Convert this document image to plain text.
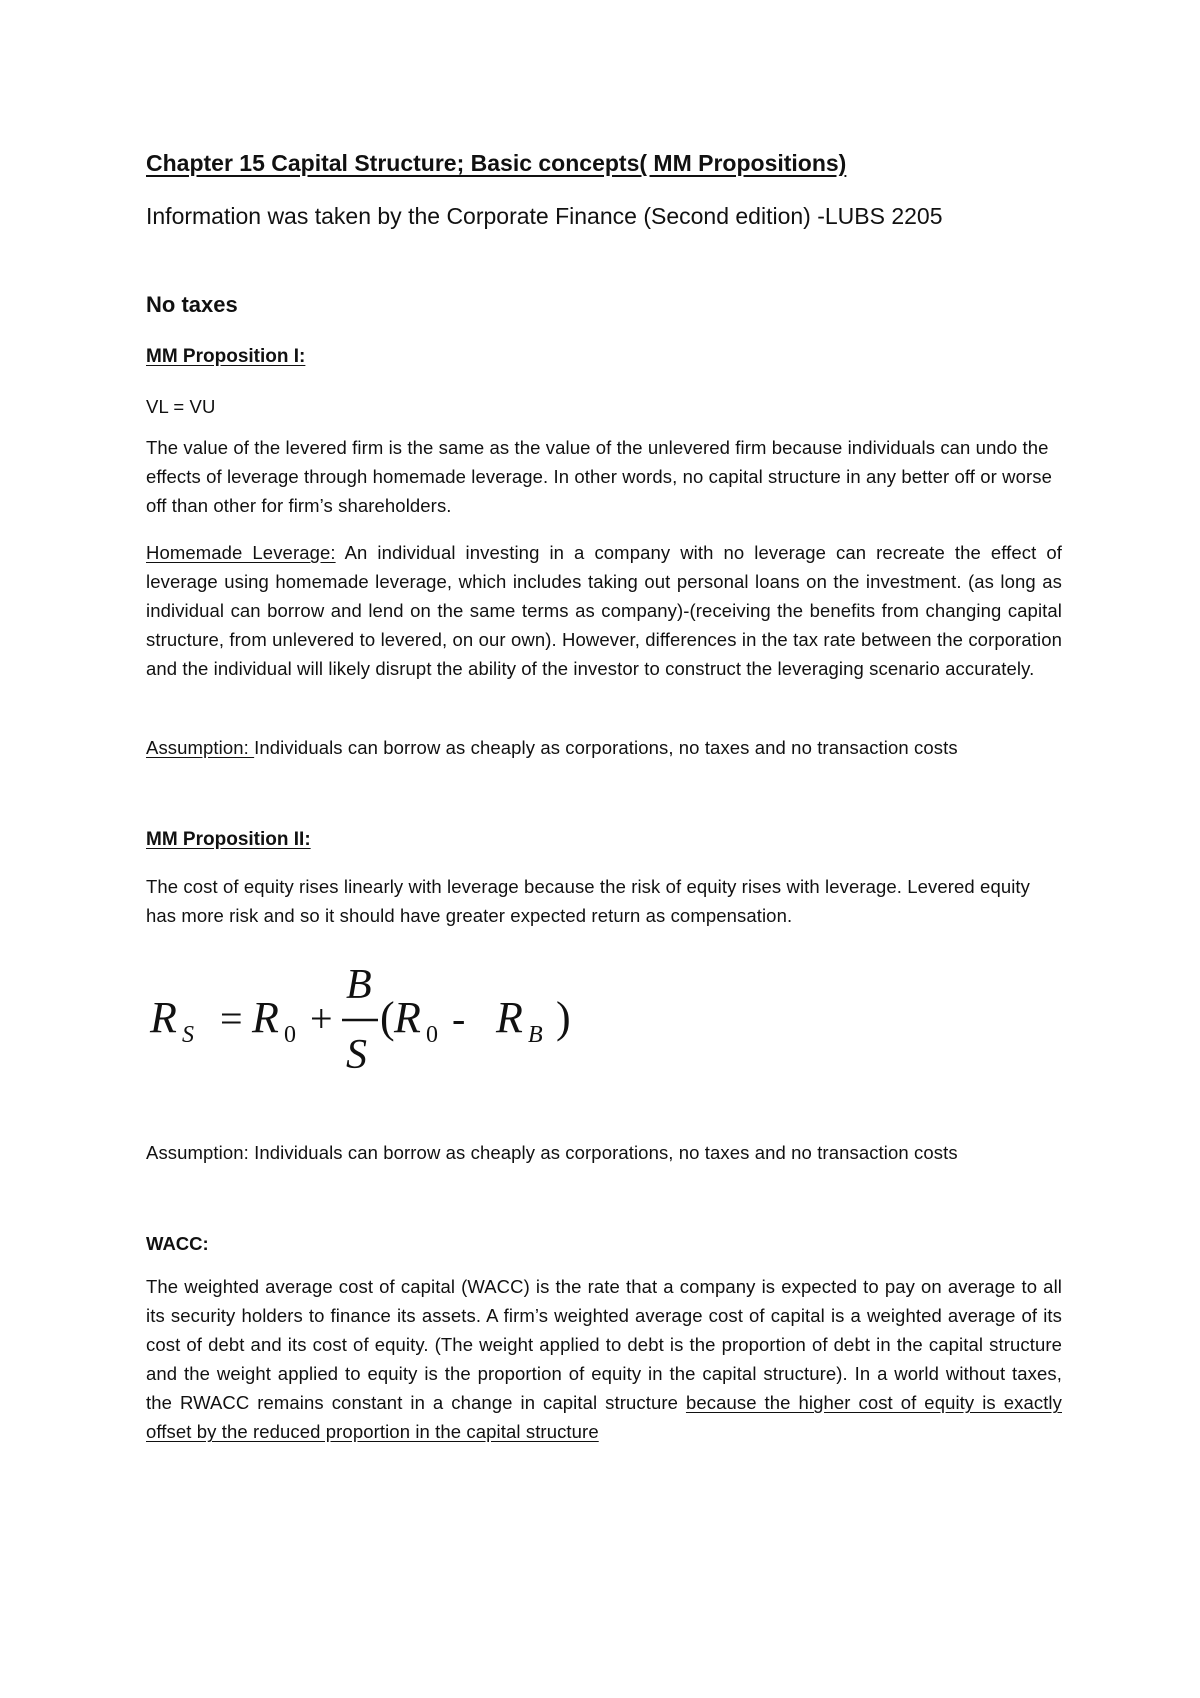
Chapter 15 Capital Structure; Basic concepts( MM Propositions)
Information was taken by the Corporate Finance (Second edition) -LUBS 2205
No taxes
MM Proposition I:
VL = VU

The value of the levered firm is the same as the value of the unlevered firm because individuals can undo the effects of leverage through homemade leverage. In other words, no capital structure in any better off or worse off than other for firm’s shareholders.

Homemade Leverage: An individual investing in a company with no leverage can recreate the effect of leverage using homemade leverage, which includes taking out personal loans on the investment. (as long as individual can borrow and lend on the same terms as company)-(receiving the benefits from changing capital structure, from unlevered to levered, on our own). However, differences in the tax rate between the corporation and the individual will likely disrupt the ability of the investor to construct the leveraging scenario accurately.

Assumption: Individuals can borrow as cheaply as corporations, no taxes and no transaction costs

MM Proposition II:

The cost of equity rises linearly with leverage because the risk of equity rises with leverage. Levered equity has more risk and so it should have greater expected return as compensation.

R S = R 0 +
B
S
( R 0 - R B )

Assumption: Individuals can borrow as cheaply as corporations, no taxes and no transaction costs

WACC:

The weighted average cost of capital (WACC) is the rate that a company is expected to pay on average to all its security holders to finance its assets. A firm’s weighted average cost of capital is a weighted average of its cost of debt and its cost of equity. (The weight applied to debt is the proportion of debt in the capital structure and the weight applied to equity is the proportion of equity in the capital structure). In a world without taxes, the RWACC remains constant in a change in capital structure because the higher cost of equity is exactly offset by the reduced proportion in the capital structure
